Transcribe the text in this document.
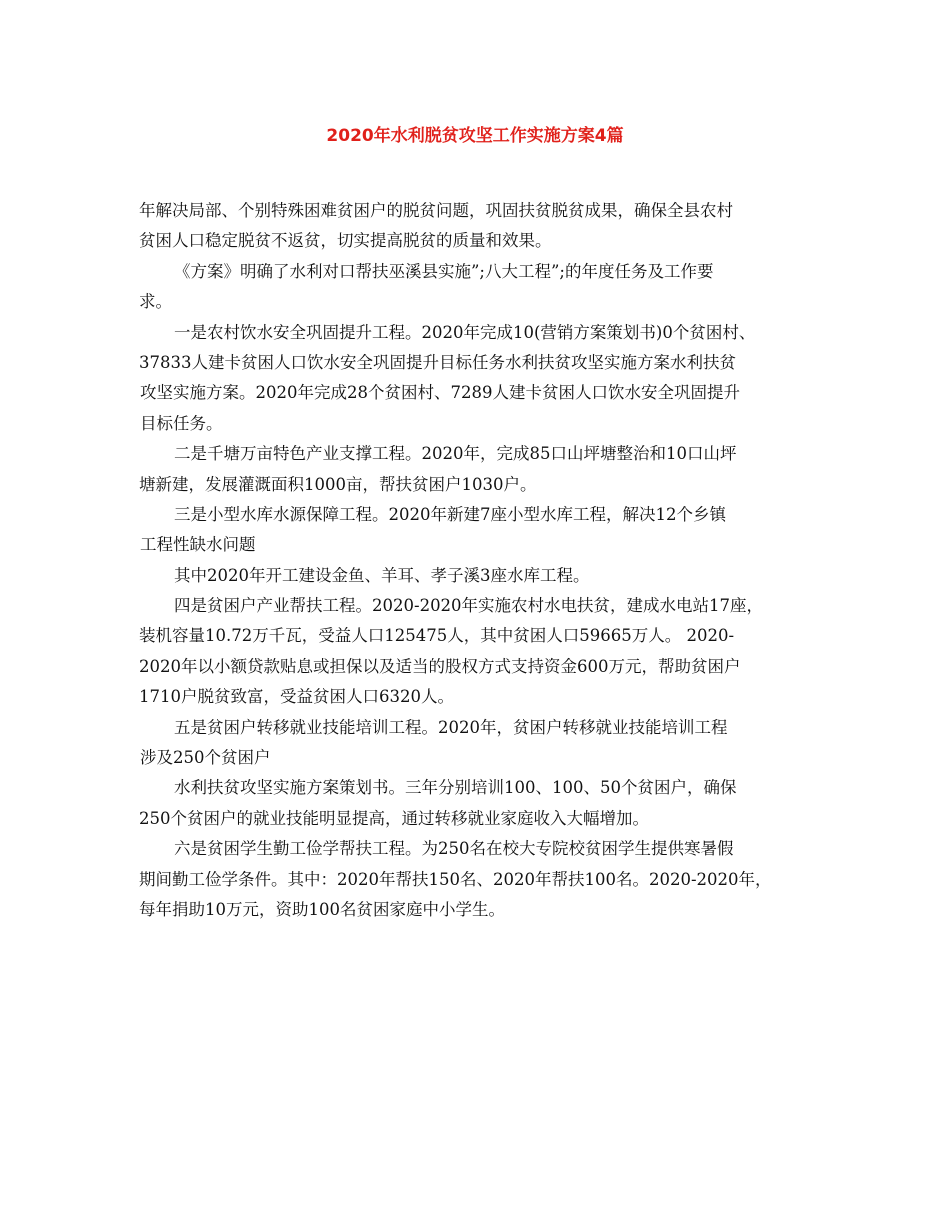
2020年水利脱贫攻坚工作实施方案4篇

年解决局部、个别特殊困难贫困户的脱贫问题，巩固扶贫脱贫成果，确保全县农村
贫困人口稳定脱贫不返贫，切实提高脱贫的质量和效果。

《方案》明确了水利对口帮扶巫溪县实施”;八大工程”;的年度任务及工作要
求。

一是农村饮水安全巩固提升工程。2020年完成10(营销方案策划书)0个贫困村、
37833人建卡贫困人口饮水安全巩固提升目标任务水利扶贫攻坚实施方案水利扶贫
攻坚实施方案。2020年完成28个贫困村、7289人建卡贫困人口饮水安全巩固提升
目标任务。

二是千塘万亩特色产业支撑工程。2020年，完成85口山坪塘整治和10口山坪
塘新建，发展灌溉面积1000亩，帮扶贫困户1030户。

三是小型水库水源保障工程。2020年新建7座小型水库工程，解决12个乡镇
工程性缺水问题

其中2020年开工建设金鱼、羊耳、孝子溪3座水库工程。

四是贫困户产业帮扶工程。2020-2020年实施农村水电扶贫，建成水电站17座，
装机容量10.72万千瓦，受益人口125475人，其中贫困人口59665万人。 2020-
2020年以小额贷款贴息或担保以及适当的股权方式支持资金600万元，帮助贫困户
1710户脱贫致富，受益贫困人口6320人。

五是贫困户转移就业技能培训工程。2020年，贫困户转移就业技能培训工程
涉及250个贫困户

水利扶贫攻坚实施方案策划书。三年分别培训100、100、50个贫困户，确保
250个贫困户的就业技能明显提高，通过转移就业家庭收入大幅增加。

六是贫困学生勤工俭学帮扶工程。为250名在校大专院校贫困学生提供寒暑假
期间勤工俭学条件。其中：2020年帮扶150名、2020年帮扶100名。2020-2020年，
每年捐助10万元，资助100名贫困家庭中小学生。
